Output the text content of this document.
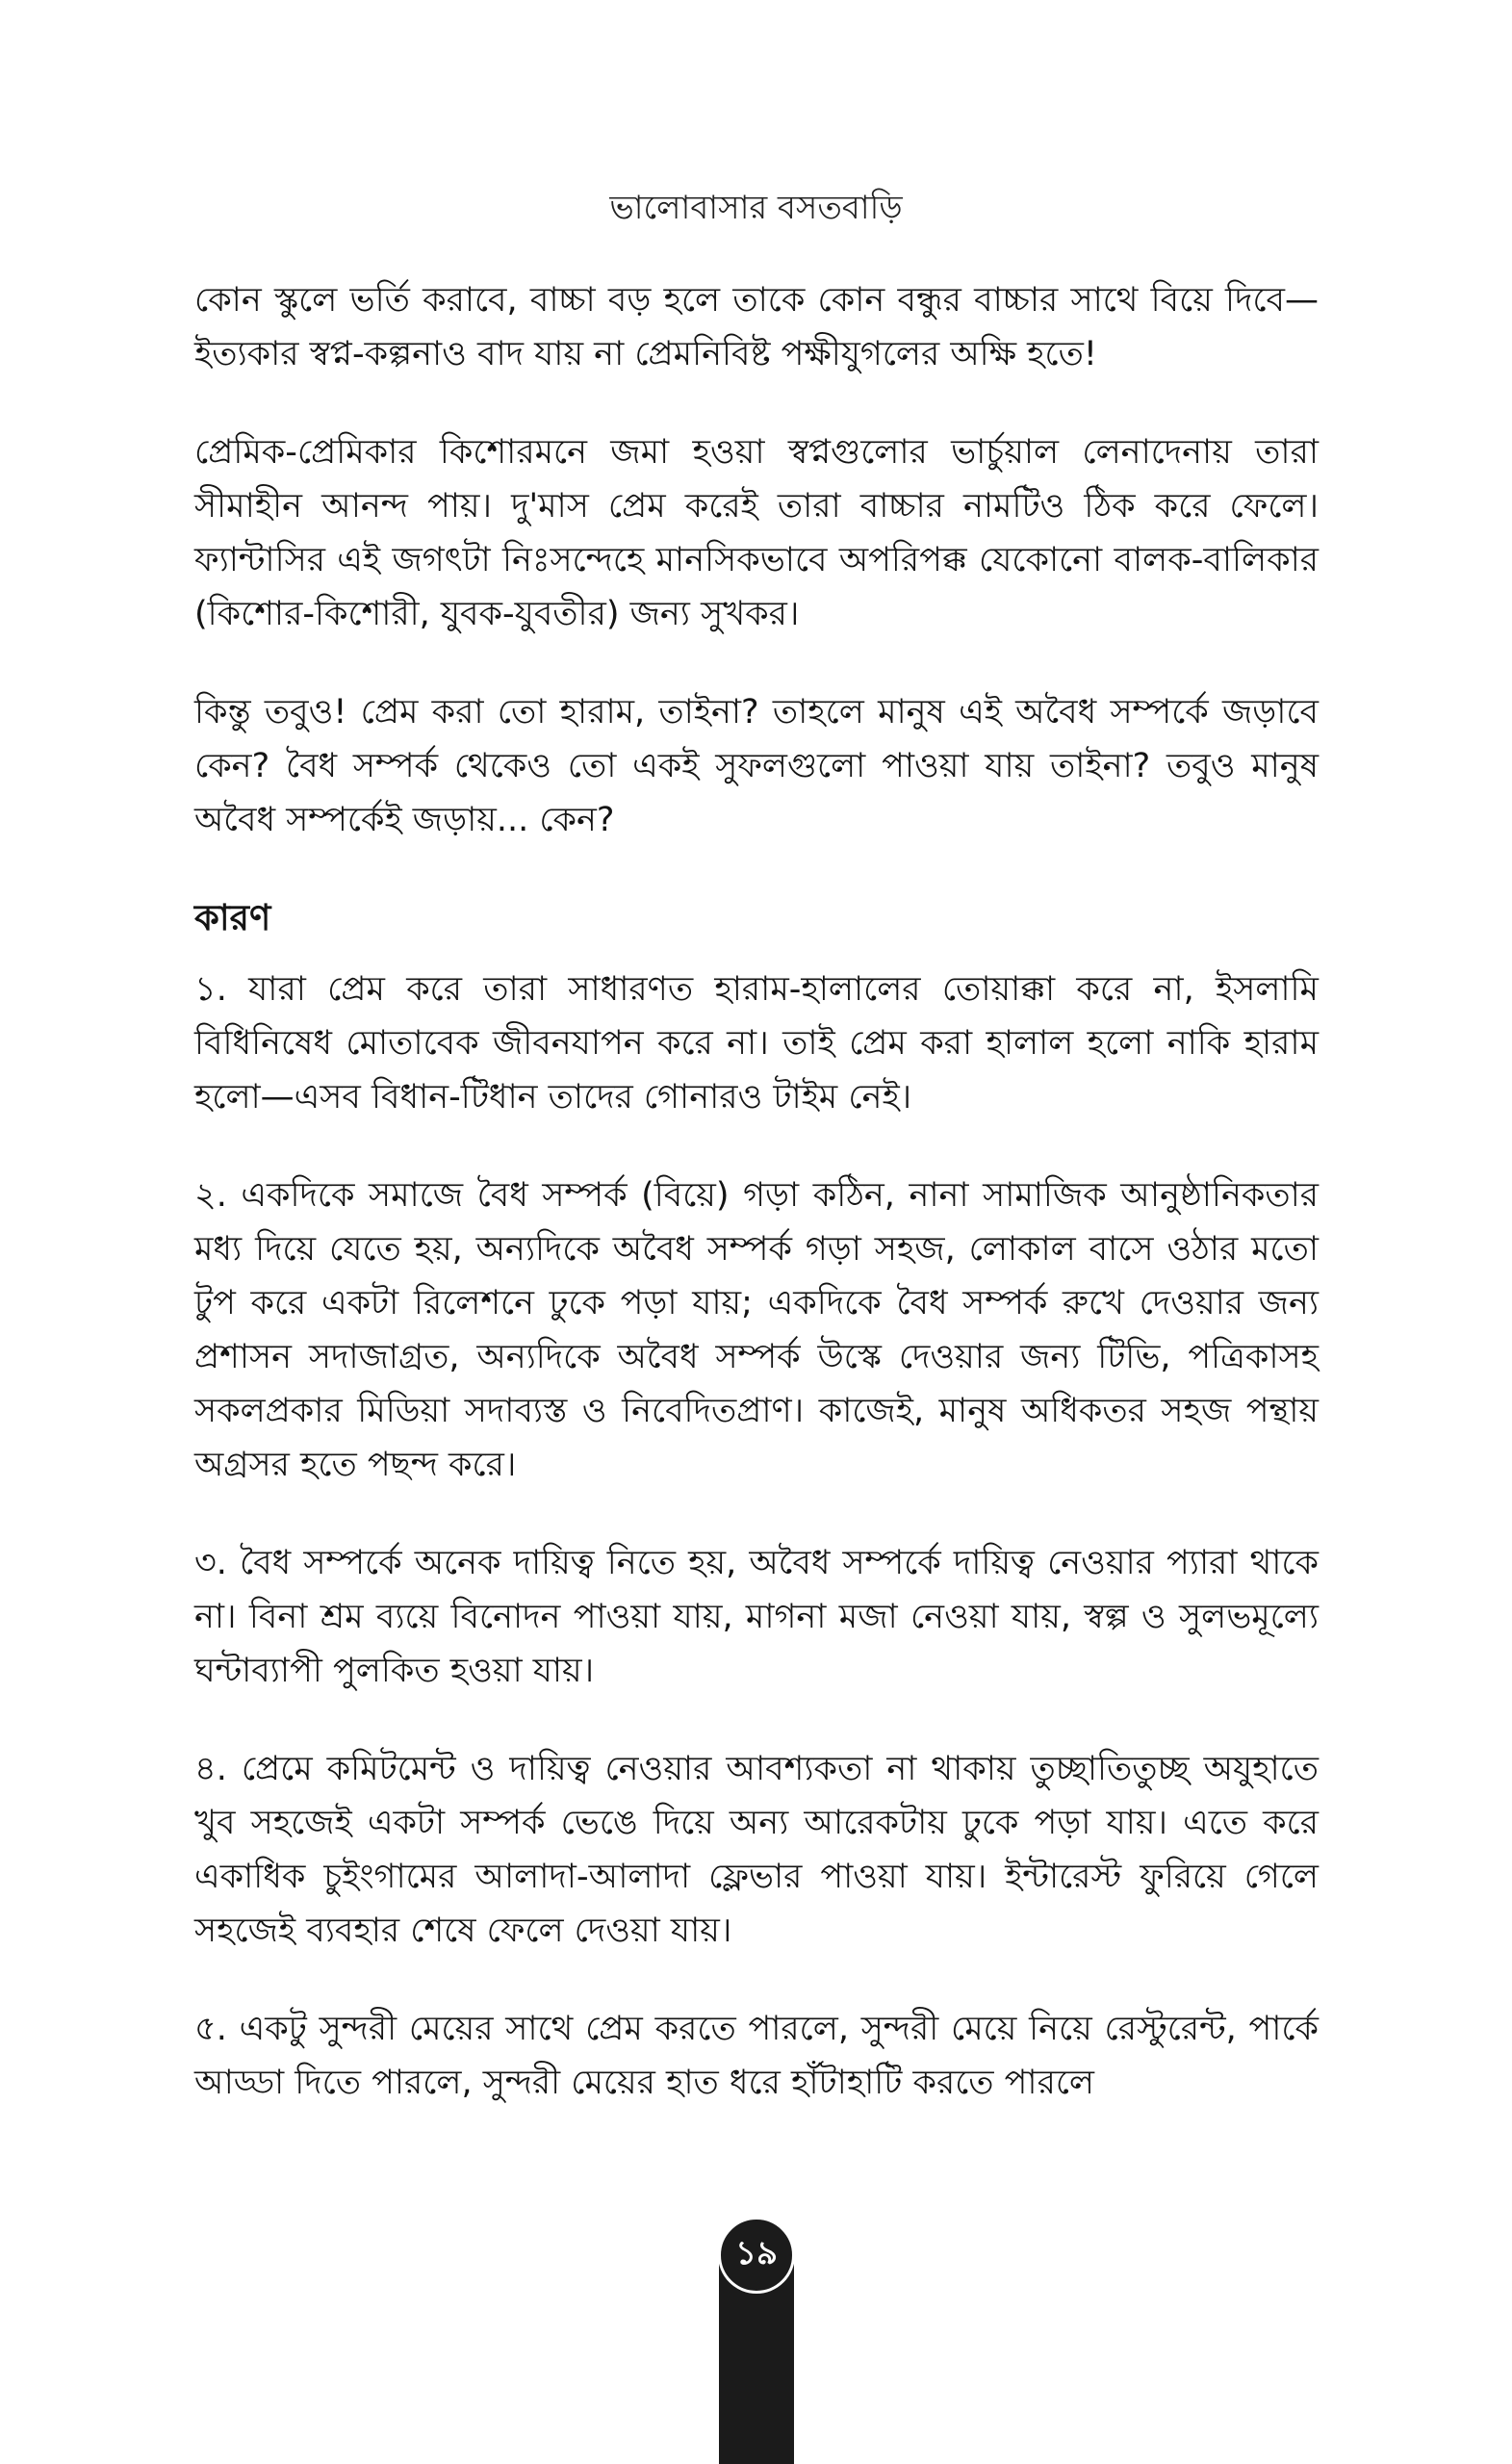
ভালোবাসার বসতবাড়ি

কোন স্কুলে ভর্তি করাবে, বাচ্চা বড় হলে তাকে কোন বন্ধুর বাচ্চার সাথে বিয়ে দিবে—ইত্যকার স্বপ্ন-কল্পনাও বাদ যায় না প্রেমনিবিষ্ট পক্ষীযুগলের অক্ষি হতে!

প্রেমিক-প্রেমিকার কিশোরমনে জমা হওয়া স্বপ্নগুলোর ভার্চুয়াল লেনাদেনায় তারা সীমাহীন আনন্দ পায়। দু'মাস প্রেম করেই তারা বাচ্চার নামটিও ঠিক করে ফেলে। ফ্যান্টাসির এই জগৎটা নিঃসন্দেহে মানসিকভাবে অপরিপক্ক যেকোনো বালক-বালিকার (কিশোর-কিশোরী, যুবক-যুবতীর) জন্য সুখকর।

কিন্তু তবুও! প্রেম করা তো হারাম, তাইনা? তাহলে মানুষ এই অবৈধ সম্পর্কে জড়াবে কেন? বৈধ সম্পর্ক থেকেও তো একই সুফলগুলো পাওয়া যায় তাইনা? তবুও মানুষ অবৈধ সম্পর্কেই জড়ায়... কেন?

কারণ

১. যারা প্রেম করে তারা সাধারণত হারাম-হালালের তোয়াক্কা করে না, ইসলামি বিধিনিষেধ মোতাবেক জীবনযাপন করে না। তাই প্রেম করা হালাল হলো নাকি হারাম হলো—এসব বিধান-টিধান তাদের গোনারও টাইম নেই।

২. একদিকে সমাজে বৈধ সম্পর্ক (বিয়ে) গড়া কঠিন, নানা সামাজিক আনুষ্ঠানিকতার মধ্য দিয়ে যেতে হয়, অন্যদিকে অবৈধ সম্পর্ক গড়া সহজ, লোকাল বাসে ওঠার মতো টুপ করে একটা রিলেশনে ঢুকে পড়া যায়; একদিকে বৈধ সম্পর্ক রুখে দেওয়ার জন্য প্রশাসন সদাজাগ্রত, অন্যদিকে অবৈধ সম্পর্ক উস্কে দেওয়ার জন্য টিভি, পত্রিকাসহ সকলপ্রকার মিডিয়া সদাব্যস্ত ও নিবেদিতপ্রাণ। কাজেই, মানুষ অধিকতর সহজ পন্থায় অগ্রসর হতে পছন্দ করে।

৩. বৈধ সম্পর্কে অনেক দায়িত্ব নিতে হয়, অবৈধ সম্পর্কে দায়িত্ব নেওয়ার প্যারা থাকে না। বিনা শ্রম ব্যয়ে বিনোদন পাওয়া যায়, মাগনা মজা নেওয়া যায়, স্বল্প ও সুলভমূল্যে ঘন্টাব্যাপী পুলকিত হওয়া যায়।

৪. প্রেমে কমিটমেন্ট ও দায়িত্ব নেওয়ার আবশ্যকতা না থাকায় তুচ্ছাতিতুচ্ছ অযুহাতে খুব সহজেই একটা সম্পর্ক ভেঙে দিয়ে অন্য আরেকটায় ঢুকে পড়া যায়। এতে করে একাধিক চুইংগামের আলাদা-আলাদা ফ্লেভার পাওয়া যায়। ইন্টারেস্ট ফুরিয়ে গেলে সহজেই ব্যবহার শেষে ফেলে দেওয়া যায়।

৫. একটু সুন্দরী মেয়ের সাথে প্রেম করতে পারলে, সুন্দরী মেয়ে নিয়ে রেস্টুরেন্ট, পার্কে আড্ডা দিতে পারলে, সুন্দরী মেয়ের হাত ধরে হাঁটাহাটি করতে পারলে

১৯
